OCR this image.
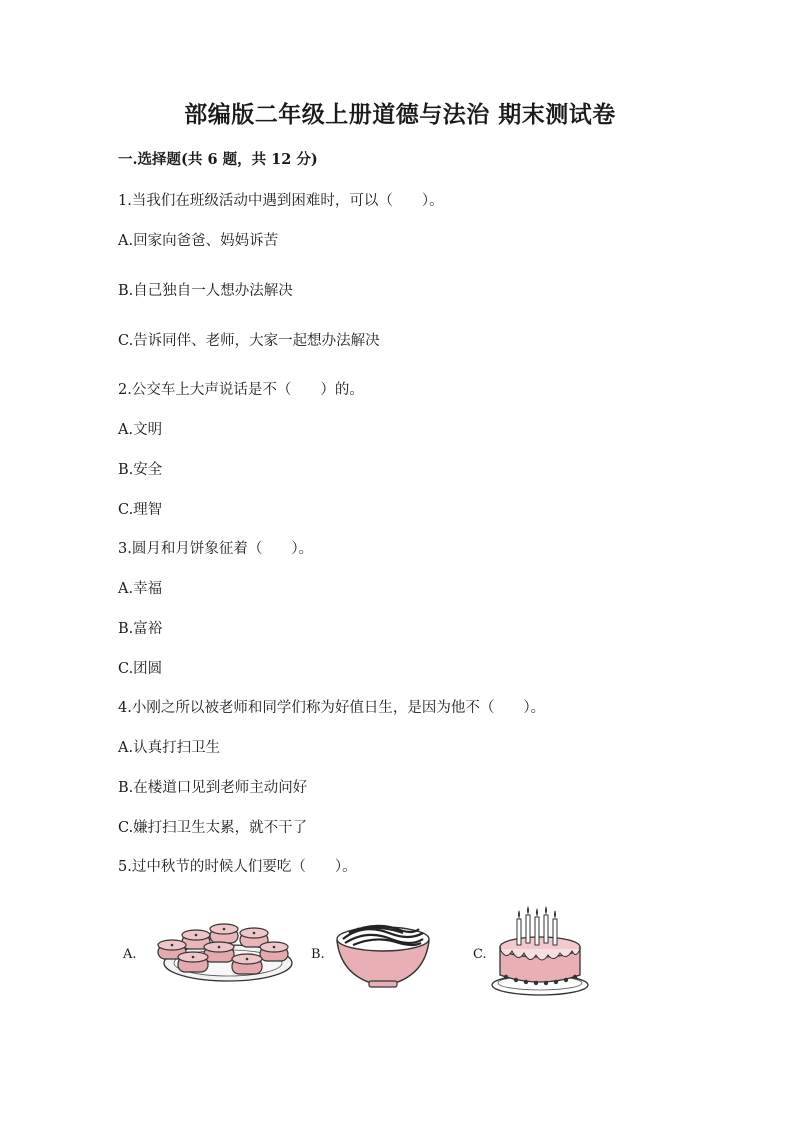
部编版二年级上册道德与法治 期末测试卷
一.选择题(共 6 题，共 12 分)
1.当我们在班级活动中遇到困难时，可以（　　）。
A.回家向爸爸、妈妈诉苦
B.自己独自一人想办法解决
C.告诉同伴、老师，大家一起想办法解决
2.公交车上大声说话是不（　　）的。
A.文明
B.安全
C.理智
3.圆月和月饼象征着（　　）。
A.幸福
B.富裕
C.团圆
4.小刚之所以被老师和同学们称为好值日生，是因为他不（　　）。
A.认真打扫卫生
B.在楼道口见到老师主动问好
C.嫌打扫卫生太累，就不干了
5.过中秋节的时候人们要吃（　　）。
A.	B.	C.
